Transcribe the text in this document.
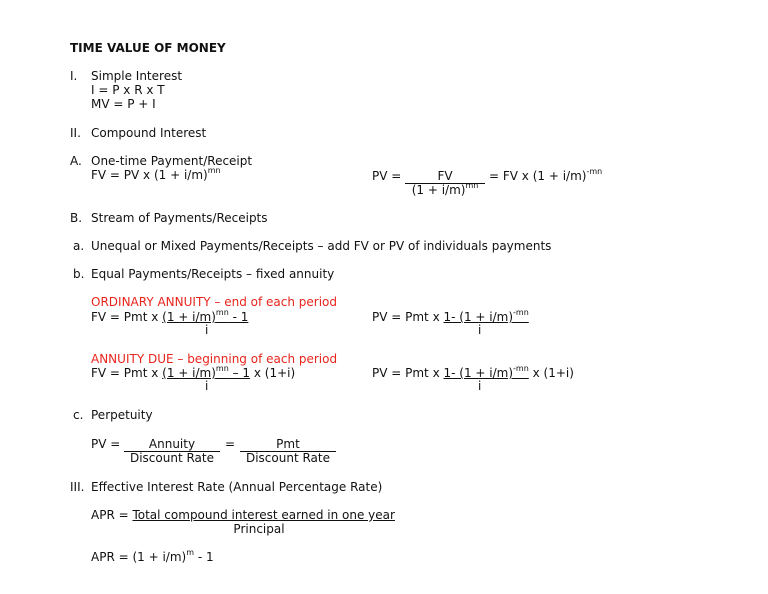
TIME VALUE OF MONEY
I. Simple Interest
I = P x R x T
MV = P + I
II. Compound Interest
A. One-time Payment/Receipt
FV = PV x $(1 + i/m)^{mn}$	PV =	FV	= FV x $(1 + i/m)^{-mn}$
$(1 + i/m)^{mn}$
B. Stream of Payments/Receipts
a. Unequal or Mixed Payments/Receipts – add FV or PV of individuals payments
b. Equal Payments/Receipts – fixed annuity
ORDINARY ANNUITY – end of each period
FV = Pmt x $(1 + i/m)^{mn} - 1$
i
PV = Pmt x 1- $(1 + i/m)^{-mn}$
i
ANNUITY DUE – beginning of each period
FV = Pmt x $(1 + i/m)^{mn} - 1$ x (1+i)
i
PV = Pmt x 1- $(1 + i/m)^{-mn}$ x (1+i)
i
c. Perpetuity
PV =	Annuity
Discount Rate
=	Pmt
Discount Rate
III. Effective Interest Rate (Annual Percentage Rate)
APR = Total compound interest earned in one year
Principal
APR = $(1 + i/m)^m - 1$
